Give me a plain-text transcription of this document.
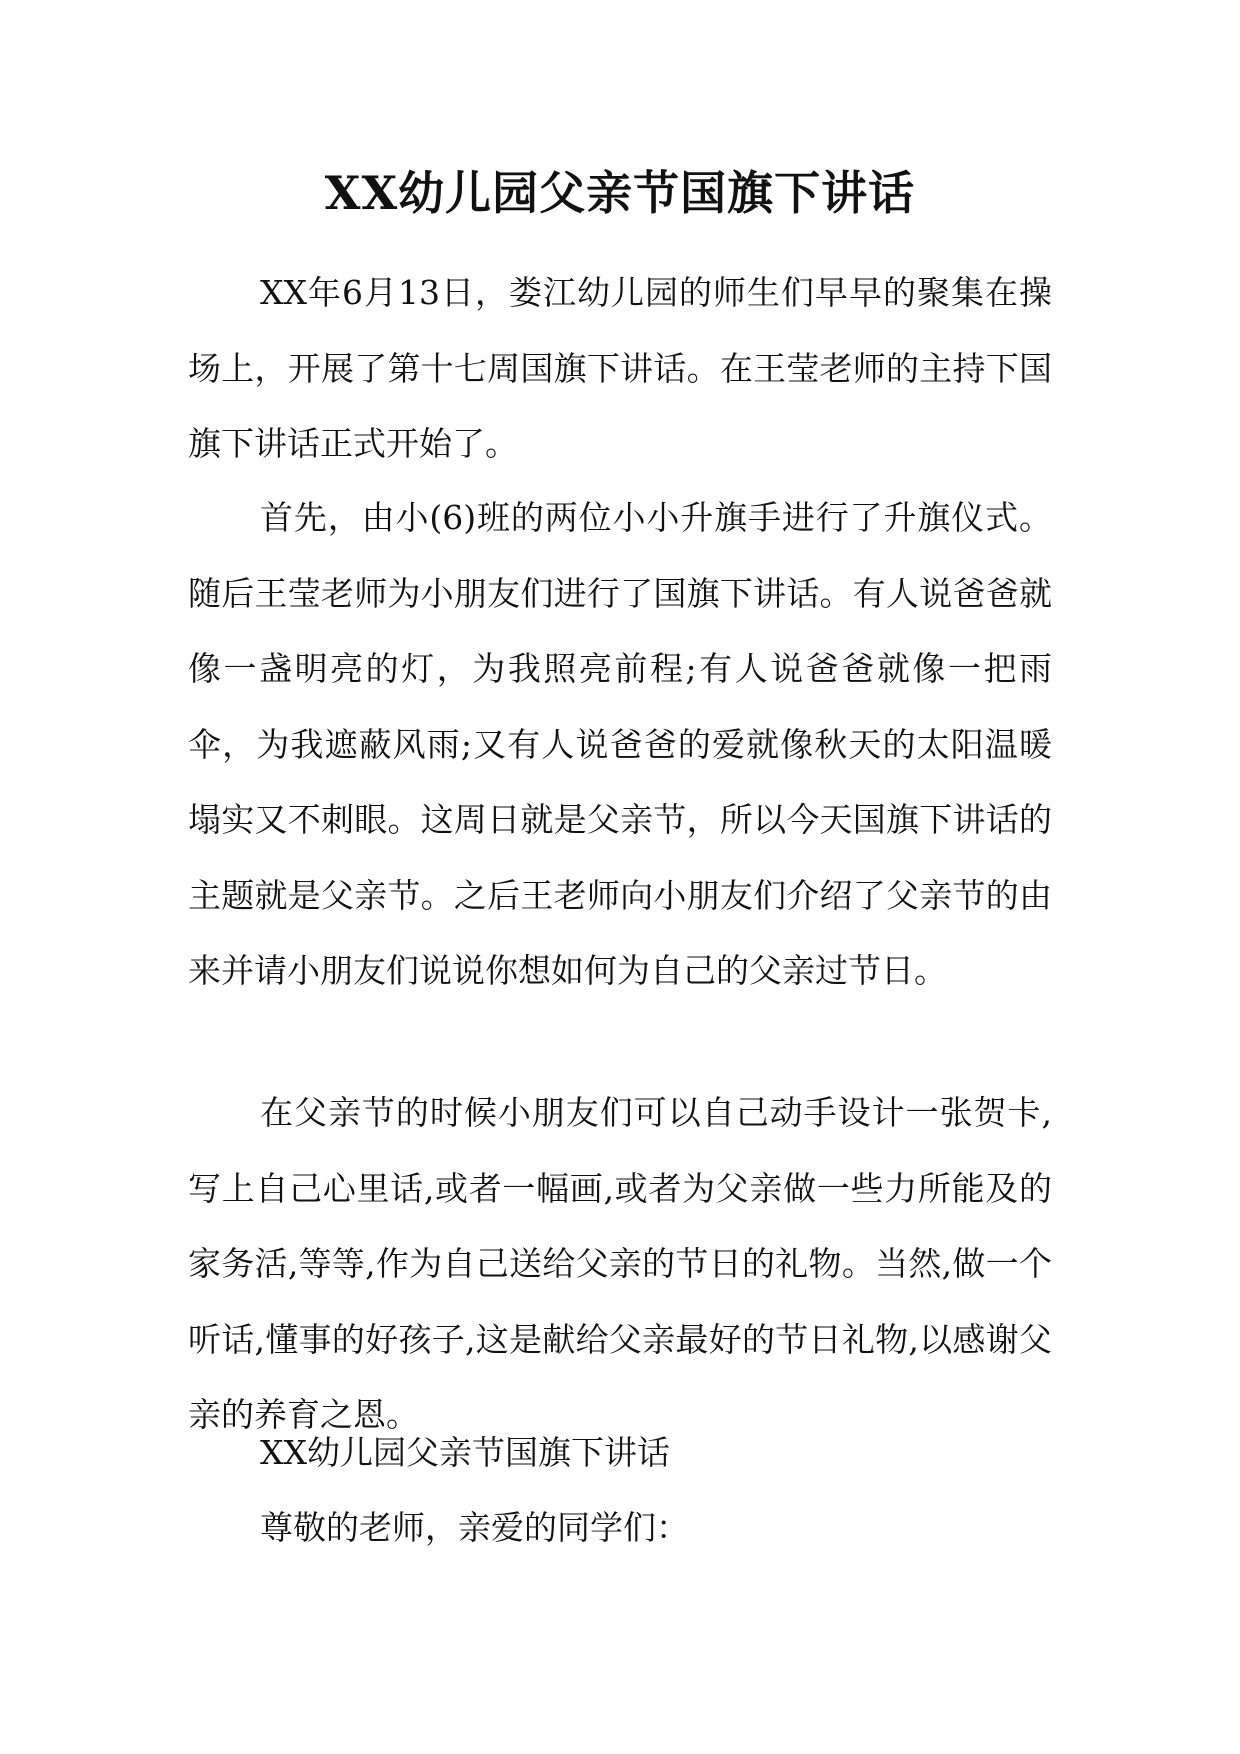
XX幼儿园父亲节国旗下讲话

XX年6月13日，娄江幼儿园的师生们早早的聚集在操场上，开展了第十七周国旗下讲话。在王莹老师的主持下国旗下讲话正式开始了。

首先，由小(6)班的两位小小升旗手进行了升旗仪式。随后王莹老师为小朋友们进行了国旗下讲话。有人说爸爸就像一盏明亮的灯，为我照亮前程;有人说爸爸就像一把雨伞，为我遮蔽风雨;又有人说爸爸的爱就像秋天的太阳温暖塌实又不刺眼。这周日就是父亲节，所以今天国旗下讲话的主题就是父亲节。之后王老师向小朋友们介绍了父亲节的由来并请小朋友们说说你想如何为自己的父亲过节日。

在父亲节的时候小朋友们可以自己动手设计一张贺卡,写上自己心里话,或者一幅画,或者为父亲做一些力所能及的家务活,等等,作为自己送给父亲的节日的礼物。当然,做一个听话,懂事的好孩子,这是献给父亲最好的节日礼物,以感谢父亲的养育之恩。

XX幼儿园父亲节国旗下讲话

尊敬的老师，亲爱的同学们：
